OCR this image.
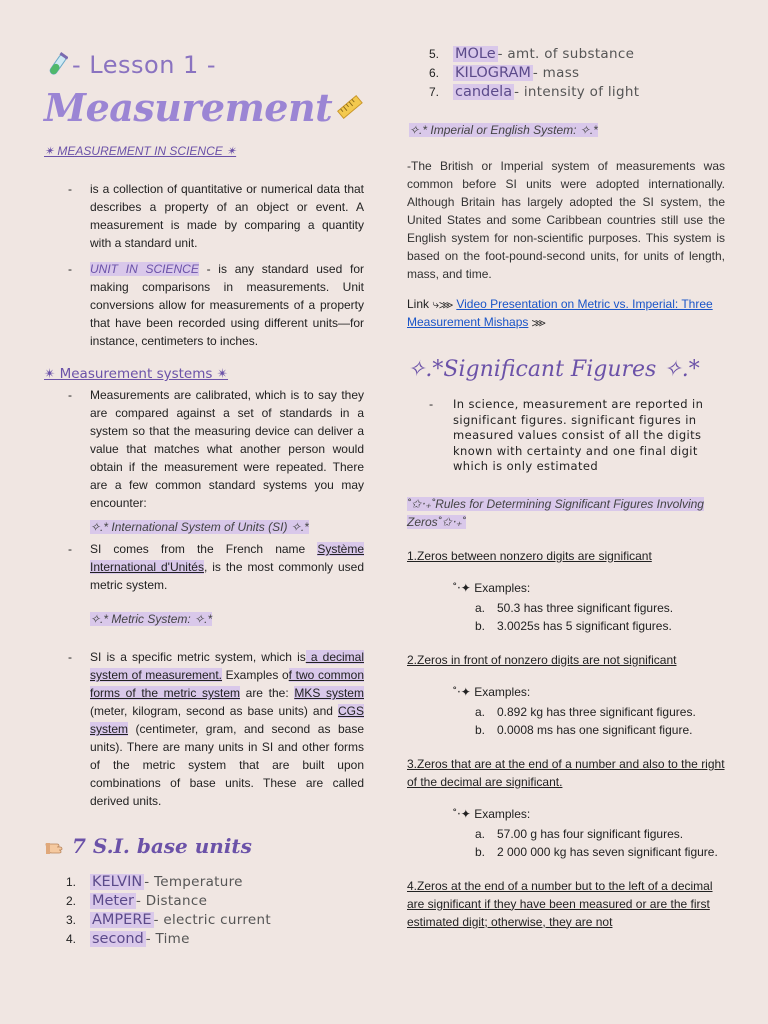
- Lesson 1 -
Measurement
✴ MEASUREMENT IN SCIENCE ✴
- is a collection of quantitative or numerical data that describes a property of an object or event. A measurement is made by comparing a quantity with a standard unit.
- UNIT IN SCIENCE - is any standard used for making comparisons in measurements. Unit conversions allow for measurements of a property that have been recorded using different units—for instance, centimeters to inches.
✴ Measurement systems ✴
- Measurements are calibrated, which is to say they are compared against a set of standards in a system so that the measuring device can deliver a value that matches what another person would obtain if the measurement were repeated. There are a few common standard systems you may encounter:
✧.* International System of Units (SI) ✧.*
- SI comes from the French name Système International d'Unités, is the most commonly used metric system.
✧.* Metric System: ✧.*
- SI is a specific metric system, which is a decimal system of measurement. Examples of two common forms of the metric system are the: MKS system (meter, kilogram, second as base units) and CGS system (centimeter, gram, and second as base units). There are many units in SI and other forms of the metric system that are built upon combinations of base units. These are called derived units.
7 S.I. base units
1.	KELVIN - Temperature
2.	Meter - Distance
3.	AMPERE - electric current
4.	second - Time
5.	MOLe - amt. of substance
6.	KILOGRAM - mass
7.	candela - intensity of light
✧.* Imperial or English System: ✧.*
-The British or Imperial system of measurements was common before SI units were adopted internationally. Although Britain has largely adopted the SI system, the United States and some Caribbean countries still use the English system for non-scientific purposes. This system is based on the foot-pound-second units, for units of length, mass, and time.
Link ⤷⋙ Video Presentation on Metric vs. Imperial: Three Measurement Mishaps ⋙
✧.*Significant Figures ✧.*
- In science, measurement are reported in significant figures. significant figures in measured values consist of all the digits known with certainty and one final digit which is only estimated
˚✩‧₊˚Rules for Determining Significant Figures Involving Zeros˚✩‧₊˚
1.Zeros between nonzero digits are significant
˚‧✦ Examples:
a. 50.3 has three significant figures.
b. 3.0025s has 5 significant figures.
2.Zeros in front of nonzero digits are not significant
˚‧✦ Examples:
a. 0.892 kg has three significant figures.
b. 0.0008 ms has one significant figure.
3.Zeros that are at the end of a number and also to the right of the decimal are significant.
˚‧✦ Examples:
a. 57.00 g has four significant figures.
b. 2 000 000 kg has seven significant figure.
4.Zeros at the end of a number but to the left of a decimal are significant if they have been measured or are the first estimated digit; otherwise, they are not
